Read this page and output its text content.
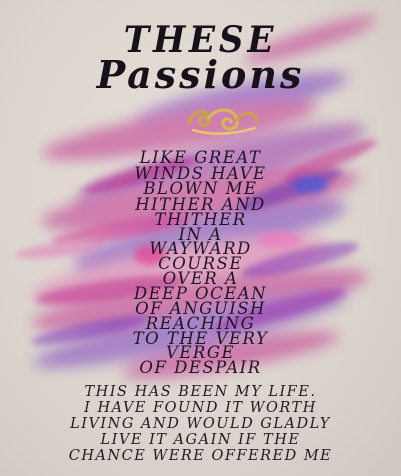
THESE
Passions

LIKE GREAT

WINDS HAVE

BLOWN ME

HITHER AND

THITHER

IN A

WAYWARD

COURSE

OVER A

DEEP OCEAN

OF ANGUISH

REACHING

TO THE VERY

VERGE

OF DESPAIR

THIS HAS BEEN MY LIFE.

I HAVE FOUND IT WORTH

LIVING AND WOULD GLADLY

LIVE IT AGAIN IF THE

CHANCE WERE OFFERED ME
